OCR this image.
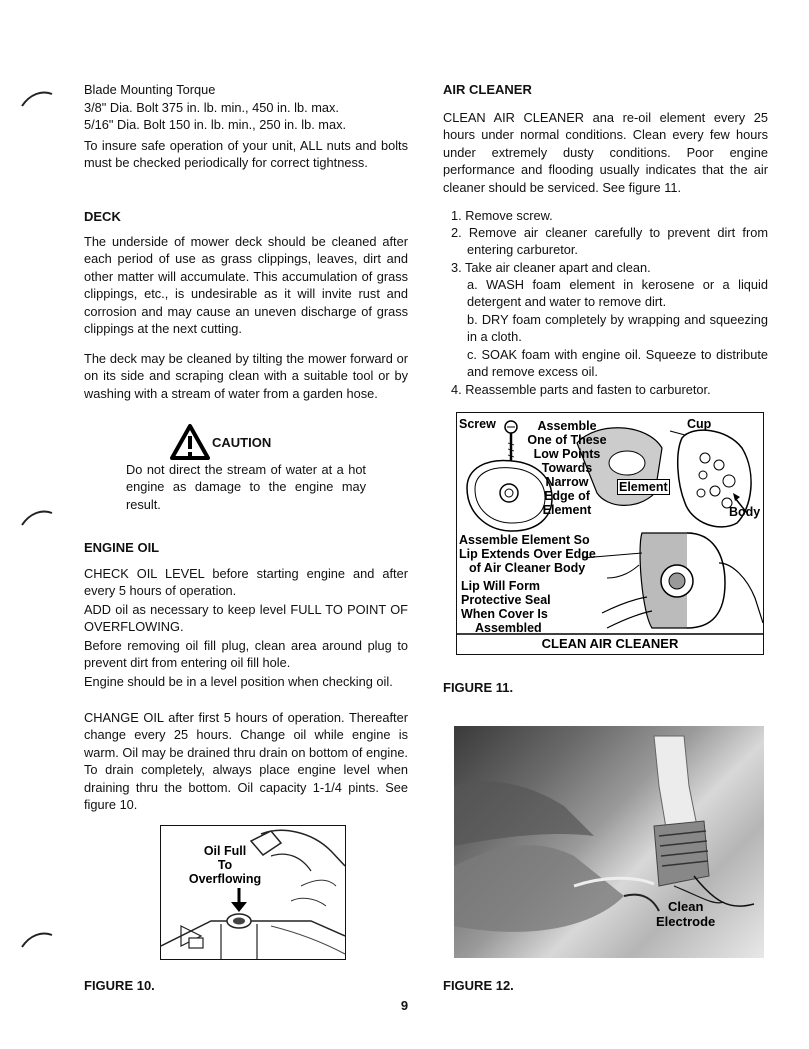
Blade Mounting Torque

3/8" Dia. Bolt 375 in. lb. min., 450 in. lb. max.

5/16" Dia. Bolt 150 in. lb. min., 250 in. lb. max.

To insure safe operation of your unit, ALL nuts and bolts must be checked periodically for correct tightness.

DECK

The underside of mower deck should be cleaned after each period of use as grass clippings, leaves, dirt and other matter will accumulate. This accumulation of grass clippings, etc., is undesirable as it will invite rust and corrosion and may cause an uneven discharge of grass clippings at the next cutting.

The deck may be cleaned by tilting the mower forward or on its side and scraping clean with a suitable tool or by washing with a stream of water from a garden hose.

CAUTION

Do not direct the stream of water at a hot engine as damage to the engine may result.

ENGINE OIL

CHECK OIL LEVEL before starting engine and after every 5 hours of operation.

ADD oil as necessary to keep level FULL TO POINT OF OVERFLOWING.

Before removing oil fill plug, clean area around plug to prevent dirt from entering oil fill hole.

Engine should be in a level position when checking oil.

CHANGE OIL after first 5 hours of operation. Thereafter change every 25 hours. Change oil while engine is warm. Oil may be drained thru drain on bottom of engine. To drain completely, always place engine level when draining thru the bottom. Oil capacity 1-1/4 pints. See figure 10.

Oil Full
To
Overflowing
FIGURE 10.
AIR CLEANER

CLEAN AIR CLEANER ana re-oil element every 25 hours under normal conditions. Clean every few hours under extremely dusty conditions. Poor engine performance and flooding usually indicates that the air cleaner should be serviced. See figure 11.

1. Remove screw.
2. Remove air cleaner carefully to prevent dirt from entering carburetor.
3. Take air cleaner apart and clean.
a. WASH foam element in kerosene or a liquid detergent and water to remove dirt.
b. DRY foam completely by wrapping and squeezing in a cloth.
c. SOAK foam with engine oil. Squeeze to distribute and remove excess oil.
4. Reassemble parts and fasten to carburetor.
Screw	Assemble
One of These
Low Points
Towards
Narrow
Edge of
Element
Cup
Element
Body
Assemble Element So
Lip Extends Over Edge
of Air Cleaner Body
Lip Will Form
Protective Seal
When Cover Is
Assembled
CLEAN AIR CLEANER
FIGURE 11.
Clean
Electrode
FIGURE 12.
9
